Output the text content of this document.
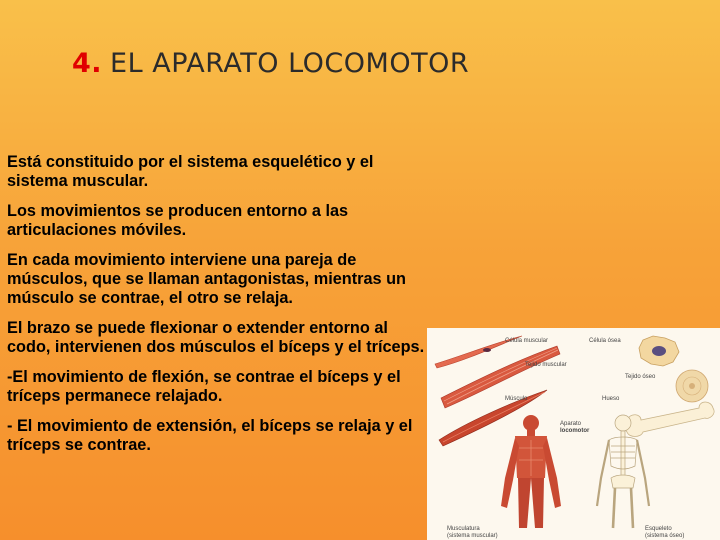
4. EL APARATO LOCOMOTOR

Está constituido por el sistema esquelético y el sistema muscular.

Los movimientos se producen entorno a las articulaciones móviles.

En cada movimiento interviene una pareja de músculos, que se llaman antagonistas, mientras un músculo se contrae, el otro se relaja.

El brazo se puede flexionar o extender entorno al codo, intervienen dos músculos el bíceps y el tríceps.

-El movimiento de flexión, se contrae el bíceps y el tríceps permanece relajado.

- El movimiento de extensión, el bíceps se relaja y el tríceps se contrae.

Célula muscular	Célula ósea
Tejido muscular
Tejido óseo
Músculo	Hueso
Aparato
locomotor
Musculatura
(sistema muscular)
Esqueleto
(sistema óseo)
